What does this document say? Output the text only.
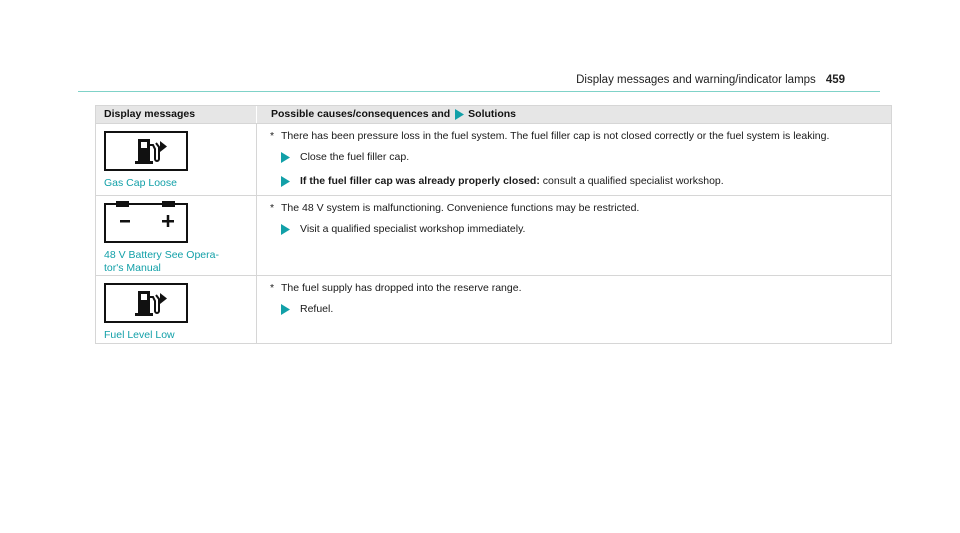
Display messages and warning/indicator lamps 459
Display messages	Possible causes/consequences and Solutions
Gas Cap Loose
* There has been pressure loss in the fuel system. The fuel filler cap is not closed correctly or the fuel system is leaking.
Close the fuel filler cap.
If the fuel filler cap was already properly closed: consult a qualified specialist workshop.
48 V Battery See Opera-
tor's Manual
* The 48 V system is malfunctioning. Convenience functions may be restricted.
Visit a qualified specialist workshop immediately.
Fuel Level Low
* The fuel supply has dropped into the reserve range.
Refuel.
